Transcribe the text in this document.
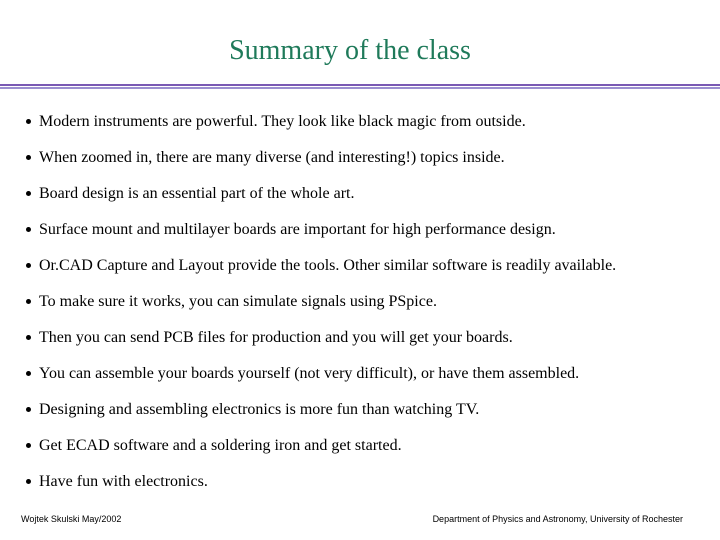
Summary of the class
Modern instruments are powerful. They look like black magic from outside.
When zoomed in, there are many diverse (and interesting!) topics inside.
Board design is an essential part of the whole art.
Surface mount and multilayer boards are important for high performance design.
Or.CAD Capture and Layout provide the tools. Other similar software is readily available.
To make sure it works, you can simulate signals using PSpice.
Then you can send PCB files for production and you will get your boards.
You can assemble your boards yourself (not very difficult), or have them assembled.
Designing and assembling electronics is more fun than watching TV.
Get ECAD software and a soldering iron and get started.
Have fun with electronics.
Wojtek Skulski May/2002	Department of Physics and Astronomy, University of Rochester
